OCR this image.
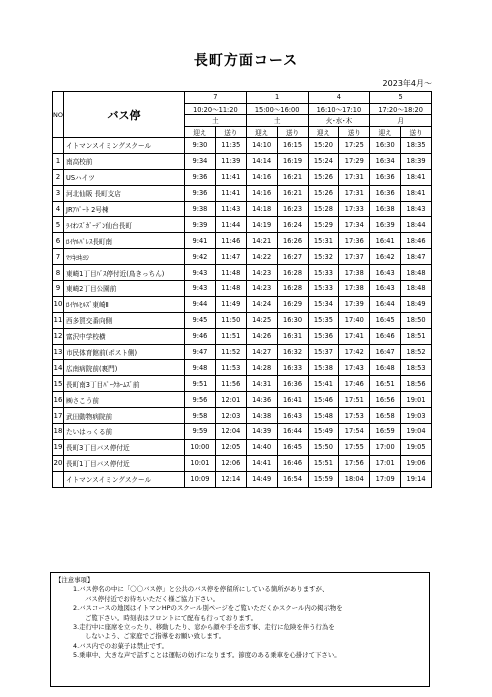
長町方面コース
2023年4月～
NO	バス停	7		1		4		5	
		10:20～11:20		15:00～16:00		16:10～17:10		17:20～18:20	
		土		土		火･水･木		月	
		迎え	送り	迎え	送り	迎え	送り	迎え	送り
	イトマンスイミングスクール	9:30	11:35	14:10	16:15	15:20	17:25	16:30	18:35
1	南高校前	9:34	11:39	14:14	16:19	15:24	17:29	16:34	18:39
2	USハイツ	9:36	11:41	14:16	16:21	15:26	17:31	16:36	18:41
3	河北仙販 長町支店	9:36	11:41	14:16	16:21	15:26	17:31	16:36	18:41
4	JRｱﾊﾟｰﾄ 2号棟	9:38	11:43	14:18	16:23	15:28	17:33	16:38	18:43
5	ﾗｲｵﾝｽﾞｶﾞｰﾃﾞﾝ仙台長町	9:39	11:44	14:19	16:24	15:29	17:34	16:39	18:44
6	ﾛｲﾔﾙﾊﾟﾚｽ長町南	9:41	11:46	14:21	16:26	15:31	17:36	16:41	18:46
7	ﾏﾂｷﾖｷﾖｼ	9:42	11:47	14:22	16:27	15:32	17:37	16:42	18:47
8	東崎1丁目ﾊﾞｽ停付近(鳥きっちん)	9:43	11:48	14:23	16:28	15:33	17:38	16:43	18:48
9	東崎2丁目公園前	9:43	11:48	14:23	16:28	15:33	17:38	16:43	18:48
10	ﾛｲﾔﾙﾋﾙｽﾞ東崎Ⅱ	9:44	11:49	14:24	16:29	15:34	17:39	16:44	18:49
11	西多賀交番向側	9:45	11:50	14:25	16:30	15:35	17:40	16:45	18:50
12	富沢中学校横	9:46	11:51	14:26	16:31	15:36	17:41	16:46	18:51
13	市民体育館前(ポスト側)	9:47	11:52	14:27	16:32	15:37	17:42	16:47	18:52
14	広南病院前(裏門)	9:48	11:53	14:28	16:33	15:38	17:43	16:48	18:53
15	長町南3丁目ﾊﾟｰｸﾎｰﾑｽﾞ前	9:51	11:56	14:31	16:36	15:41	17:46	16:51	18:56
16	㈱さこう前	9:56	12:01	14:36	16:41	15:46	17:51	16:56	19:01
17	武田動物病院前	9:58	12:03	14:38	16:43	15:48	17:53	16:58	19:03
18	たいはっくる前	9:59	12:04	14:39	16:44	15:49	17:54	16:59	19:04
19	長町3丁目バス停付近	10:00	12:05	14:40	16:45	15:50	17:55	17:00	19:05
20	長町1丁目バス停付近	10:01	12:06	14:41	16:46	15:51	17:56	17:01	19:06
	イトマンスイミングスクール	10:09	12:14	14:49	16:54	15:59	18:04	17:09	19:14

【注意事項】

1.バス停名の中に「〇〇バス停」と公共のバス停を停留所にしている箇所がありますが、

バス停付近でお待ちいただく様ご協力下さい。

2.バスコースの地図はイトマンHPのスクール別ページをご覧いただくかスクール内の掲示物を

ご覧下さい。時刻表はフロントにて配布も行っております。

3.走行中に座席を立ったり、移動したり、窓から顔や手を出す事、走行に危険を伴う行為を

しないよう、ご家庭でご指導をお願い致します。

4.バス内でのお菓子は禁止です。

5.乗車中、大きな声で話すことは運転の妨げになります。節度のある乗車を心掛けて下さい。
